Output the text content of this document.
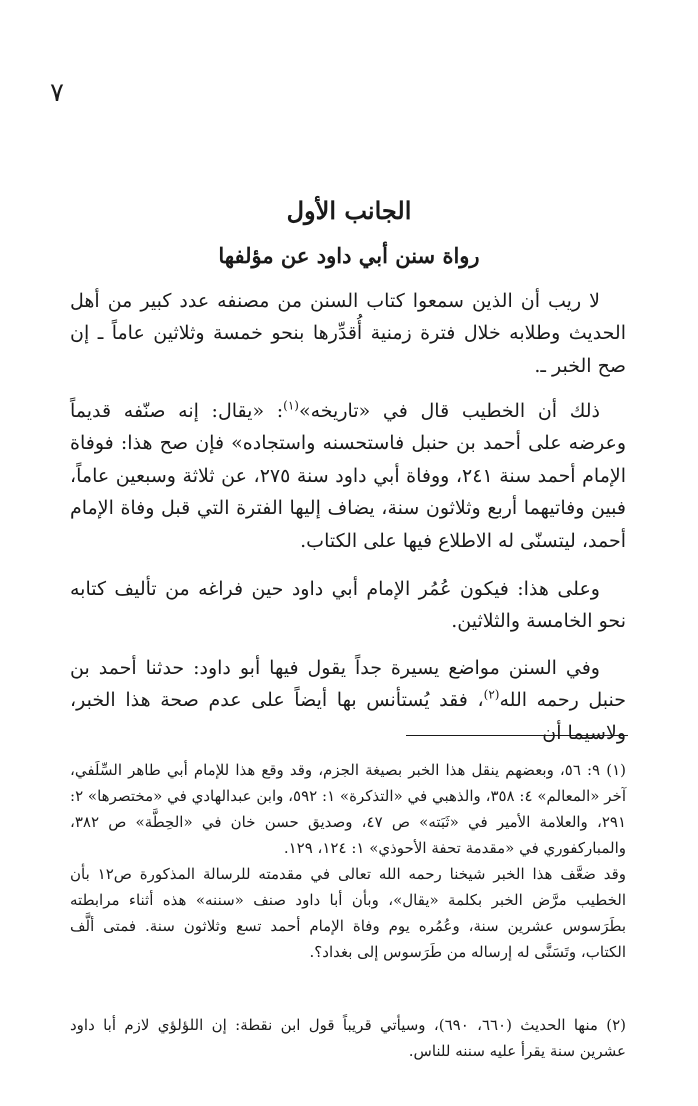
٧
الجانب الأول
رواة سنن أبي داود عن مؤلفها

لا ريب أن الذين سمعوا كتاب السنن من مصنفه عدد كبير من أهل الحديث وطلابه خلال فترة زمنية أُقدِّرها بنحو خمسة وثلاثين عاماً ـ إن صح الخبر ـ.

ذلك أن الخطيب قال في «تاريخه»$^{(١)}$: «يقال: إنه صنّفه قديماً وعرضه على أحمد بن حنبل فاستحسنه واستجاده» فإن صح هذا: فوفاة الإمام أحمد سنة ٢٤١، ووفاة أبي داود سنة ٢٧٥، عن ثلاثة وسبعين عاماً، فبين وفاتيهما أربع وثلاثون سنة، يضاف إليها الفترة التي قبل وفاة الإمام أحمد، ليتسنّى له الاطلاع فيها على الكتاب.

وعلى هذا: فيكون عُمُر الإمام أبي داود حين فراغه من تأليف كتابه نحو الخامسة والثلاثين.

وفي السنن مواضع يسيرة جداً يقول فيها أبو داود: حدثنا أحمد بن حنبل رحمه الله$^{(٢)}$، فقد يُستأنس بها أيضاً على عدم صحة هذا الخبر، ولاسيما أن

(١) ٩: ٥٦، وبعضهم ينقل هذا الخبر بصيغة الجزم، وقد وقع هذا للإمام أبي طاهر السِّلَفي، آخر «المعالم» ٤: ٣٥٨، والذهبي في «التذكرة» ١: ٥٩٢، وابن عبدالهادي في «مختصرها» ٢: ٢٩١، والعلامة الأمير في «ثَبَته» ص ٤٧، وصديق حسن خان في «الحِطَّة» ص ٣٨٢، والمباركفوري في «مقدمة تحفة الأحوذي» ١: ١٢٤، ١٢٩.
وقد ضعَّف هذا الخبر شيخنا رحمه الله تعالى في مقدمته للرسالة المذكورة ص١٢ بأن الخطيب مرَّض الخبر بكلمة «يقال»، وبأن أبا داود صنف «سننه» هذه أثناء مرابطته بطَرَسوس عشرين سنة، وعُمُره يوم وفاة الإمام أحمد تسع وثلاثون سنة. فمتى ألَّف الكتاب، وتَسَنَّى له إرساله من طَرَسوس إلى بغداد؟.
(٢) منها الحديث (٦٦٠، ٦٩٠)، وسيأتي قريباً قول ابن نقطة: إن اللؤلؤي لازم أبا داود عشرين سنة يقرأ عليه سننه للناس.
